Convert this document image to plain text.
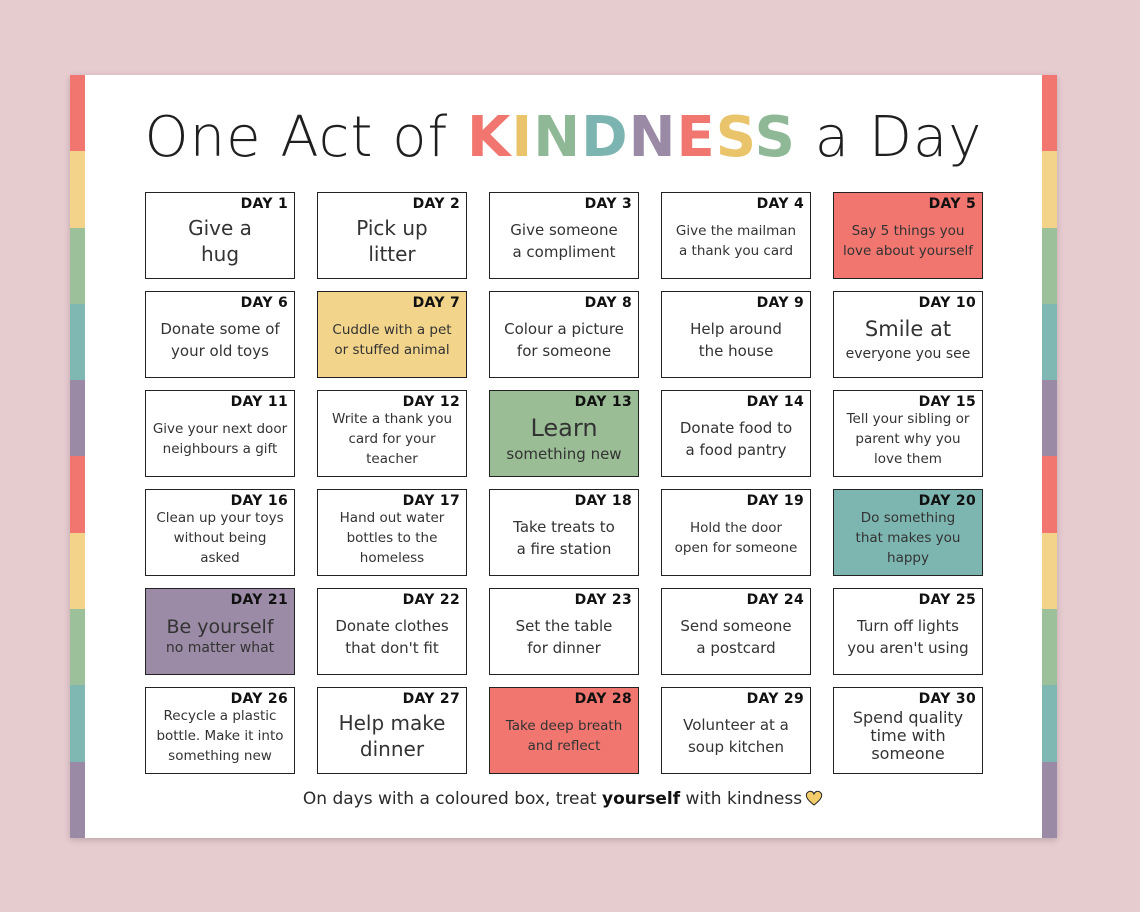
One Act of KINDNESS a Day
DAY 1
Give a
hug
DAY 2
Pick up
litter
DAY 3
Give someone
a compliment
DAY 4
Give the mailman
a thank you card
DAY 5
Say 5 things you
love about yourself
DAY 6
Donate some of
your old toys
DAY 7
Cuddle with a pet
or stuffed animal
DAY 8
Colour a picture
for someone
DAY 9
Help around
the house
DAY 10
Smile at
everyone you see
DAY 11
Give your next door
neighbours a gift
DAY 12
Write a thank you
card for your
teacher
DAY 13
Learn
something new
DAY 14
Donate food to
a food pantry
DAY 15
Tell your sibling or
parent why you
love them
DAY 16
Clean up your toys
without being
asked
DAY 17
Hand out water
bottles to the
homeless
DAY 18
Take treats to
a fire station
DAY 19
Hold the door
open for someone
DAY 20
Do something
that makes you
happy
DAY 21
Be yourself
no matter what
DAY 22
Donate clothes
that don't fit
DAY 23
Set the table
for dinner
DAY 24
Send someone
a postcard
DAY 25
Turn off lights
you aren't using
DAY 26
Recycle a plastic
bottle. Make it into
something new
DAY 27
Help make
dinner
DAY 28
Take deep breath
and reflect
DAY 29
Volunteer at a
soup kitchen
DAY 30
Spend quality
time with
someone
On days with a coloured box, treat yourself with kindness
